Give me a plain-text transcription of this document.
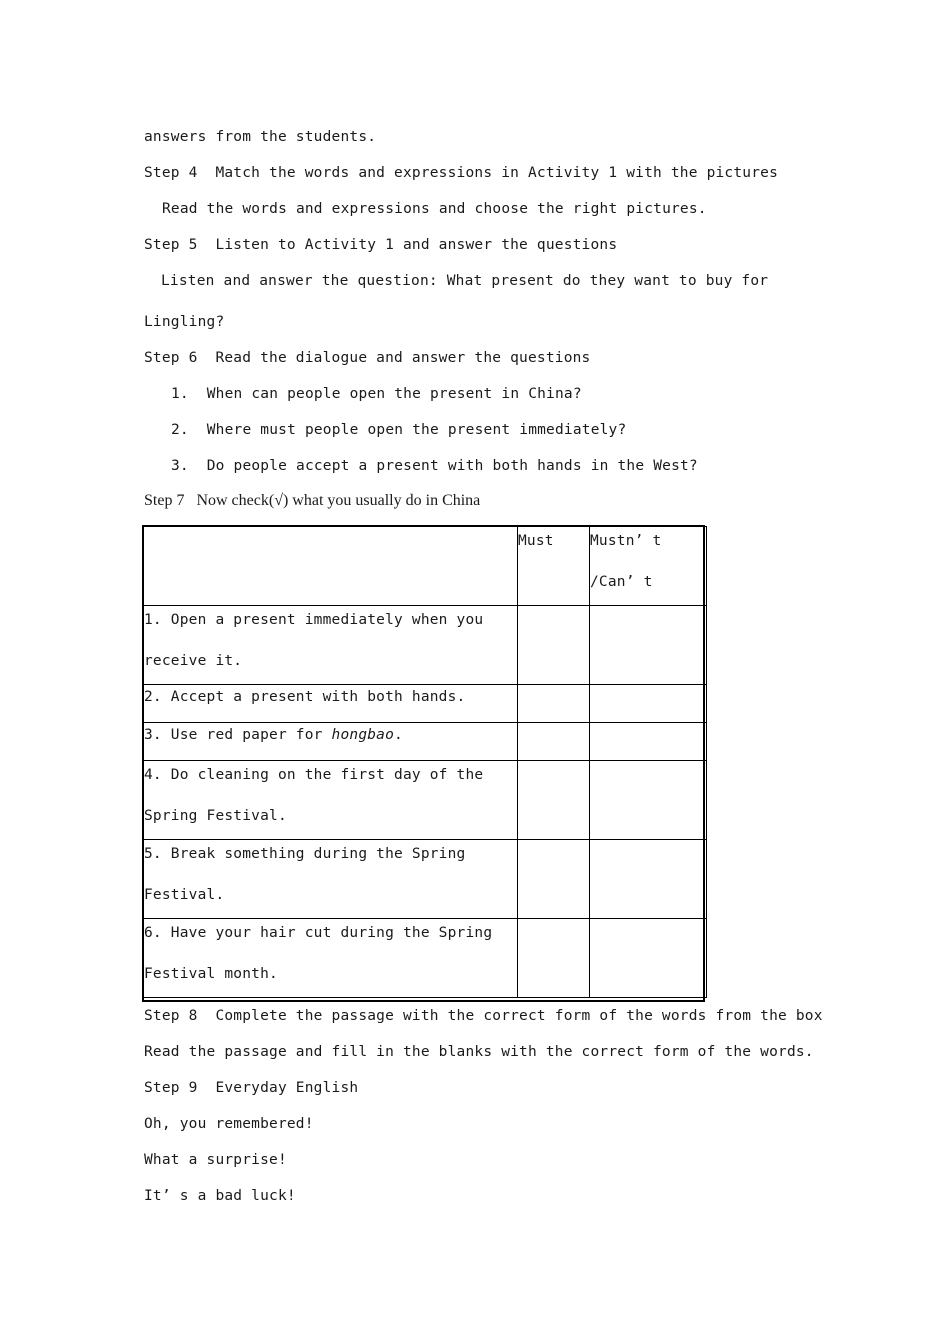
answers from the students.
Step 4  Match the words and expressions in Activity 1 with the pictures
Read the words and expressions and choose the right pictures.
Step 5  Listen to Activity 1 and answer the questions
Listen and answer the question: What present do they want to buy for
Lingling?
Step 6  Read the dialogue and answer the questions
1.  When can people open the present in China?
2.  Where must people open the present immediately?
3.  Do people accept a present with both hands in the West?
Step 7   Now check(√) what you usually do in China

	Must	Mustn’ t
/Can’ t

1. Open a present immediately when you
receive it.		

2. Accept a present with both hands.		

3. Use red paper for hongbao.		

4. Do cleaning on the first day of the
Spring Festival.		

5. Break something during the Spring
Festival.		

6. Have your hair cut during the Spring
Festival month.		

Step 8  Complete the passage with the correct form of the words from the box
Read the passage and fill in the blanks with the correct form of the words.
Step 9  Everyday English
Oh, you remembered!
What a surprise!
It’ s a bad luck!
